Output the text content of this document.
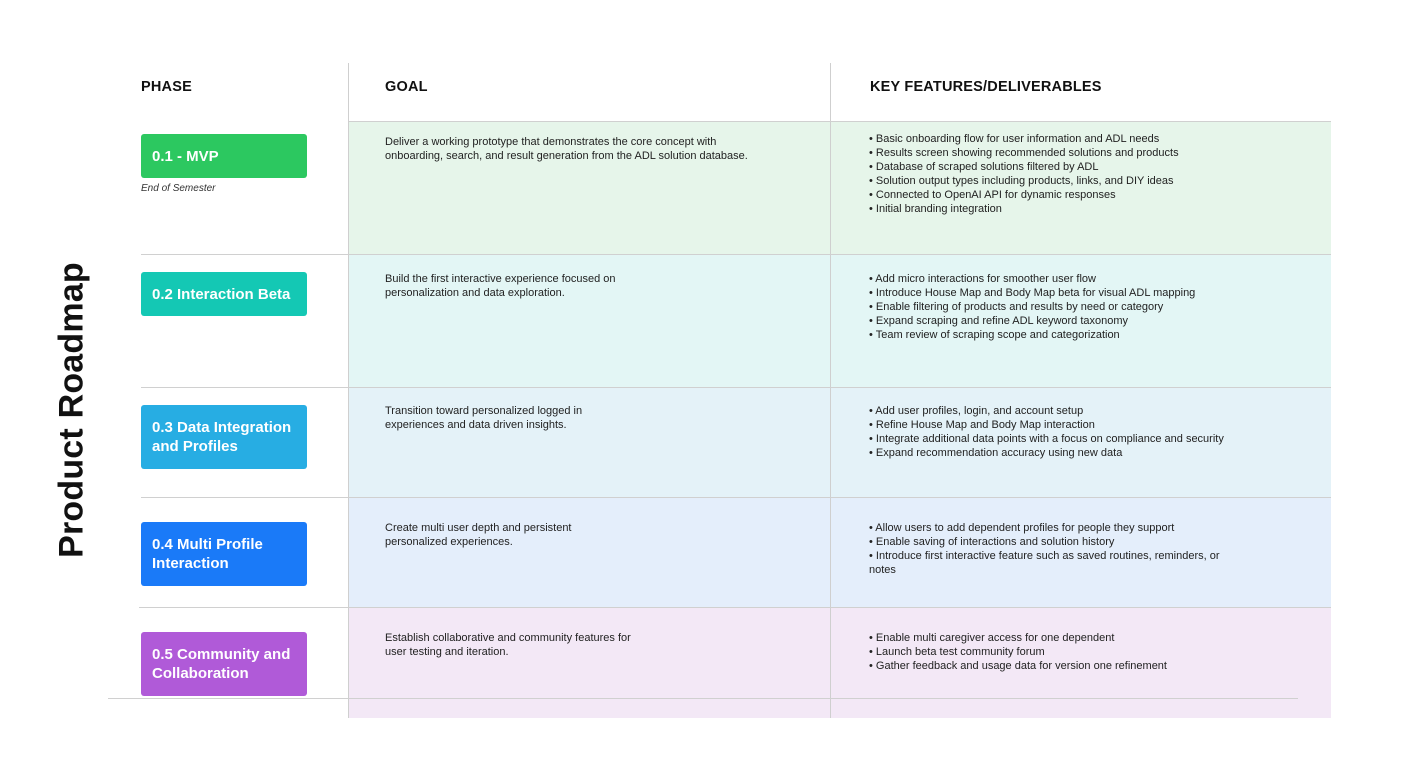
Product Roadmap
PHASE	GOAL	KEY FEATURES/DELIVERABLES
0.1 - MVP
End of Semester
Deliver a working prototype that demonstrates the core concept with onboarding, search, and result generation from the ADL solution database.
• Basic onboarding flow for user information and ADL needs
• Results screen showing recommended solutions and products
• Database of scraped solutions filtered by ADL
• Solution output types including products, links, and DIY ideas
• Connected to OpenAI API for dynamic responses
• Initial branding integration
0.2 Interaction Beta
Build the first interactive experience focused on personalization and data exploration.
• Add micro interactions for smoother user flow
• Introduce House Map and Body Map beta for visual ADL mapping
• Enable filtering of products and results by need or category
• Expand scraping and refine ADL keyword taxonomy
• Team review of scraping scope and categorization
0.3 Data Integration and Profiles
Transition toward personalized logged in experiences and data driven insights.
• Add user profiles, login, and account setup
• Refine House Map and Body Map interaction
• Integrate additional data points with a focus on compliance and security
• Expand recommendation accuracy using new data
0.4 Multi Profile Interaction
Create multi user depth and persistent personalized experiences.
• Allow users to add dependent profiles for people they support
• Enable saving of interactions and solution history
• Introduce first interactive feature such as saved routines, reminders, or notes
0.5 Community and Collaboration
Establish collaborative and community features for user testing and iteration.
• Enable multi caregiver access for one dependent
• Launch beta test community forum
• Gather feedback and usage data for version one refinement
